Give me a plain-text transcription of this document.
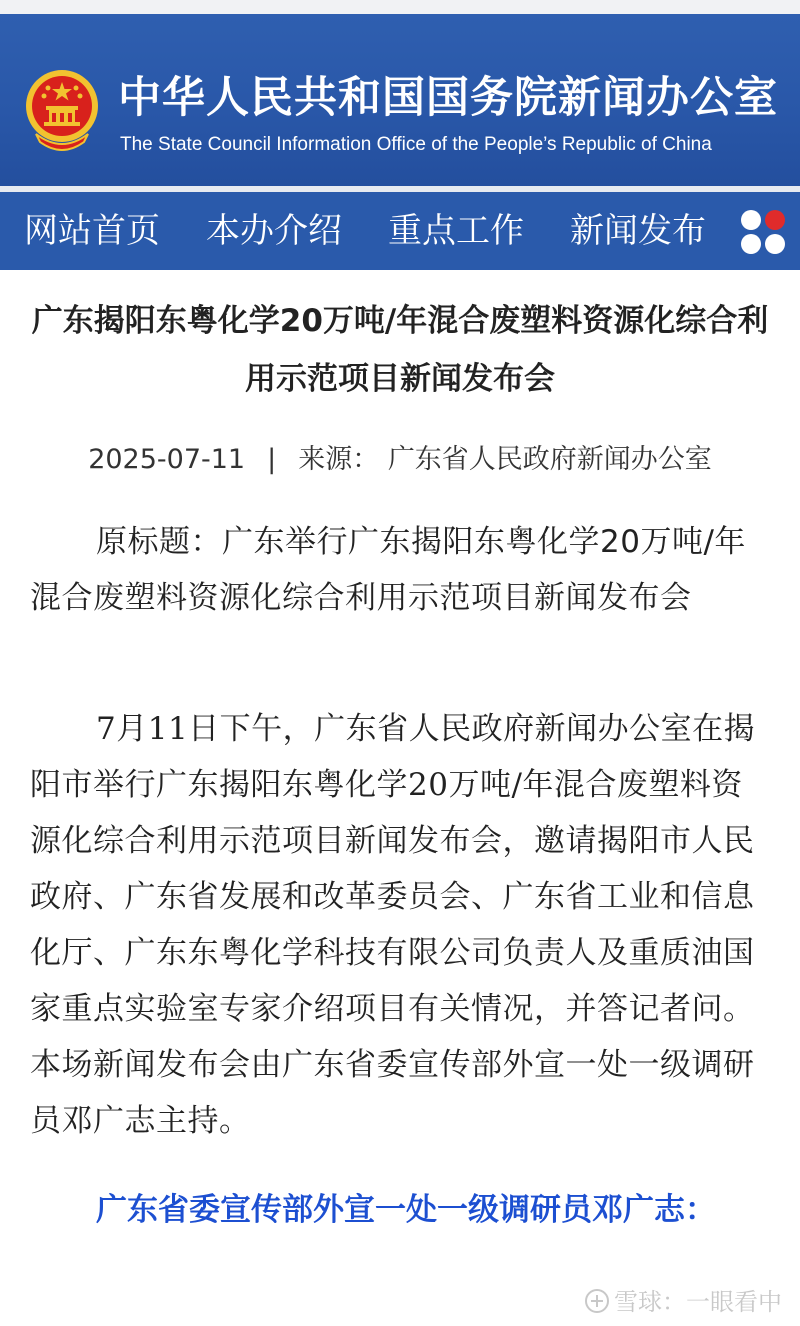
中华人民共和国国务院新闻办公室
The State Council Information Office of the People’s Republic of China
网站首页 本办介绍 重点工作 新闻发布
广东揭阳东粤化学20万吨/年混合废塑料资源化综合利用示范项目新闻发布会
2025-07-11 | 来源： 广东省人民政府新闻办公室
原标题：广东举行广东揭阳东粤化学20万吨/年混合废塑料资源化综合利用示范项目新闻发布会
7月11日下午，广东省人民政府新闻办公室在揭阳市举行广东揭阳东粤化学20万吨/年混合废塑料资源化综合利用示范项目新闻发布会，邀请揭阳市人民政府、广东省发展和改革委员会、广东省工业和信息化厅、广东东粤化学科技有限公司负责人及重质油国家重点实验室专家介绍项目有关情况，并答记者问。本场新闻发布会由广东省委宣传部外宣一处一级调研员邓广志主持。
广东省委宣传部外宣一处一级调研员邓广志：
雪球：一眼看中
